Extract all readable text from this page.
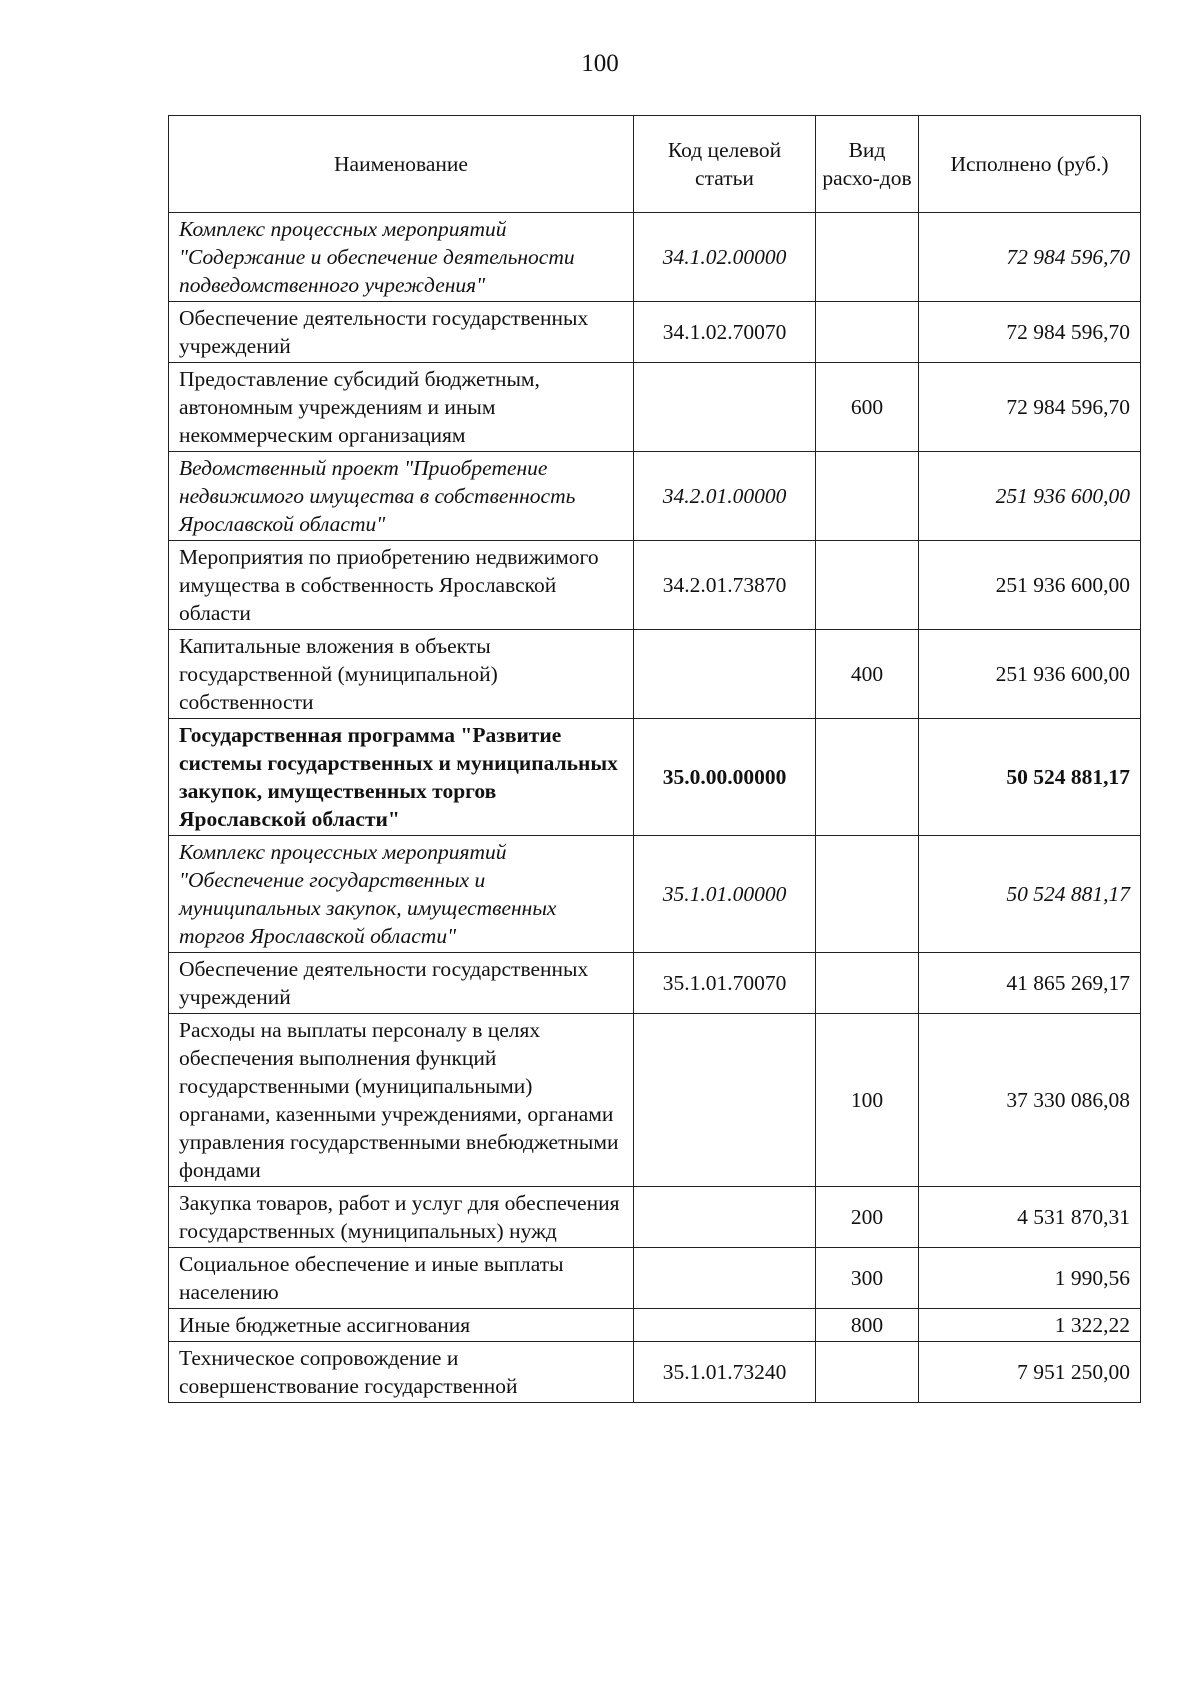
100
Наименование	Код целевой статьи	Вид расхо-дов	Исполнено (руб.)
Комплекс процессных мероприятий "Содержание и обеспечение деятельности подведомственного учреждения"	34.1.02.00000		72 984 596,70
Обеспечение деятельности государственных учреждений	34.1.02.70070		72 984 596,70
Предоставление субсидий бюджетным, автономным учреждениям и иным некоммерческим организациям		600	72 984 596,70
Ведомственный проект "Приобретение недвижимого имущества в собственность Ярославской области"	34.2.01.00000		251 936 600,00
Мероприятия по приобретению недвижимого имущества в собственность Ярославской области	34.2.01.73870		251 936 600,00
Капитальные вложения в объекты государственной (муниципальной) собственности		400	251 936 600,00
Государственная программа "Развитие системы государственных и муниципальных закупок, имущественных торгов Ярославской области"	35.0.00.00000		50 524 881,17
Комплекс процессных мероприятий "Обеспечение государственных и муниципальных закупок, имущественных торгов Ярославской области"	35.1.01.00000		50 524 881,17
Обеспечение деятельности государственных учреждений	35.1.01.70070		41 865 269,17
Расходы на выплаты персоналу в целях обеспечения выполнения функций государственными (муниципальными) органами, казенными учреждениями, органами управления государственными внебюджетными фондами		100	37 330 086,08
Закупка товаров, работ и услуг для обеспечения государственных (муниципальных) нужд		200	4 531 870,31
Социальное обеспечение и иные выплаты населению		300	1 990,56
Иные бюджетные ассигнования		800	1 322,22
Техническое сопровождение и совершенствование государственной	35.1.01.73240		7 951 250,00
